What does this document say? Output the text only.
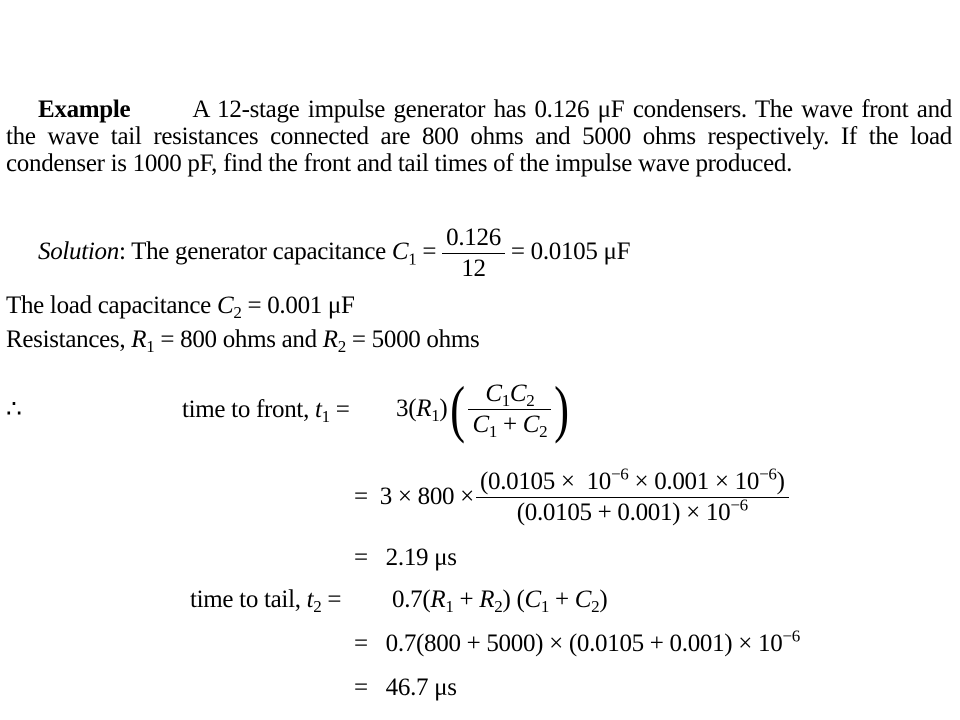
Example A 12-stage impulse generator has 0.126 μF condensers. The wave front and the wave tail resistances connected are 800 ohms and 5000 ohms respectively. If the load condenser is 1000 pF, find the front and tail times of the impulse wave produced.
Solution: The generator capacitance $C_1 = \frac{0.126}{12} = 0.0105$ μF
The load capacitance $C_2 = 0.001$ μF
Resistances, $R_1 = 800$ ohms and $R_2 = 5000$ ohms
∴	time to front, $t_1 = 3(R_1)$ ( $\frac{C_1C_2}{C_1 + C_2}$ )
=
$3 \times 800 \times \frac{(0.0105 \times 10^{-6} \times 0.001 \times 10^{-6})}{(0.0105 + 0.001) \times 10^{-6}}$
= 2.19 μs
time to tail, $t_2 = 0.7(R_1 + R_2) (C_1 + C_2)$
= $0.7(800 + 5000) \times (0.0105 + 0.001) \times 10^{-6}$
= 46.7 μs
